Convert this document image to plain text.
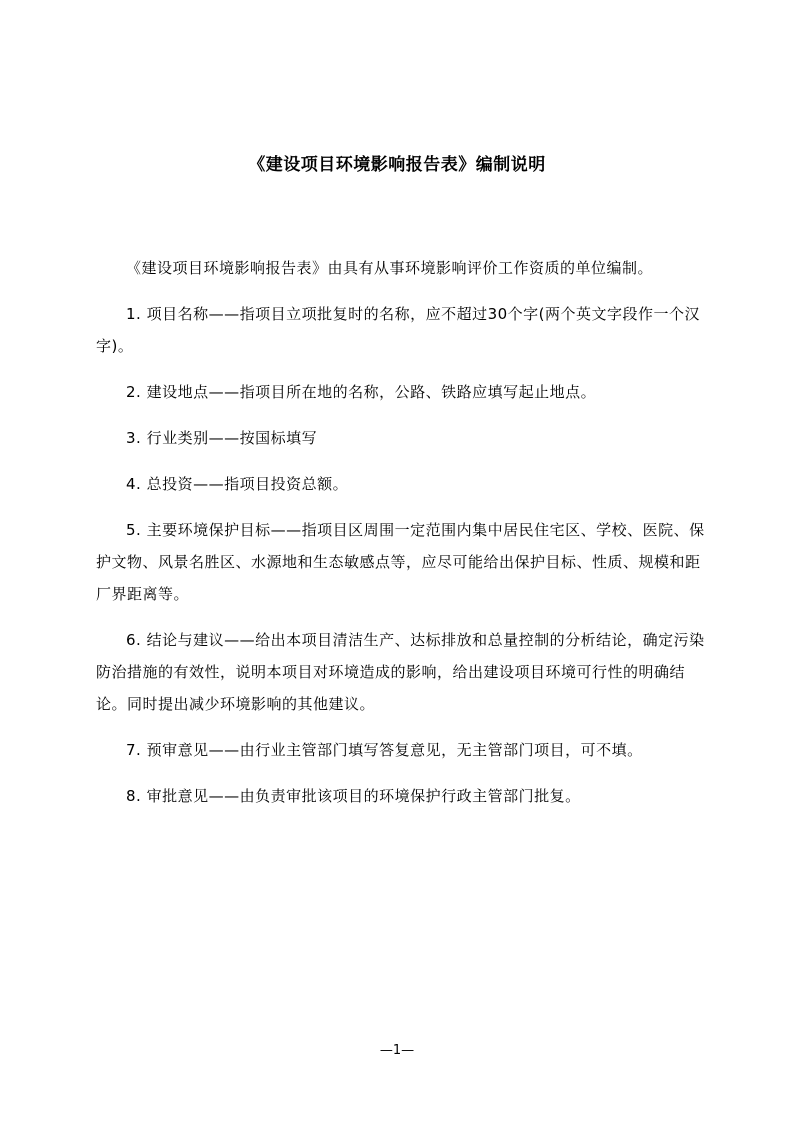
《建设项目环境影响报告表》编制说明

《建设项目环境影响报告表》由具有从事环境影响评价工作资质的单位编制。

1. 项目名称——指项目立项批复时的名称，应不超过30个字(两个英文字段作一个汉字)。

2. 建设地点——指项目所在地的名称，公路、铁路应填写起止地点。

3. 行业类别——按国标填写

4. 总投资——指项目投资总额。

5. 主要环境保护目标——指项目区周围一定范围内集中居民住宅区、学校、医院、保护文物、风景名胜区、水源地和生态敏感点等，应尽可能给出保护目标、性质、规模和距厂界距离等。

6. 结论与建议——给出本项目清洁生产、达标排放和总量控制的分析结论，确定污染防治措施的有效性，说明本项目对环境造成的影响，给出建设项目环境可行性的明确结论。同时提出减少环境影响的其他建议。

7. 预审意见——由行业主管部门填写答复意见，无主管部门项目，可不填。

8. 审批意见——由负责审批该项目的环境保护行政主管部门批复。

—1—
